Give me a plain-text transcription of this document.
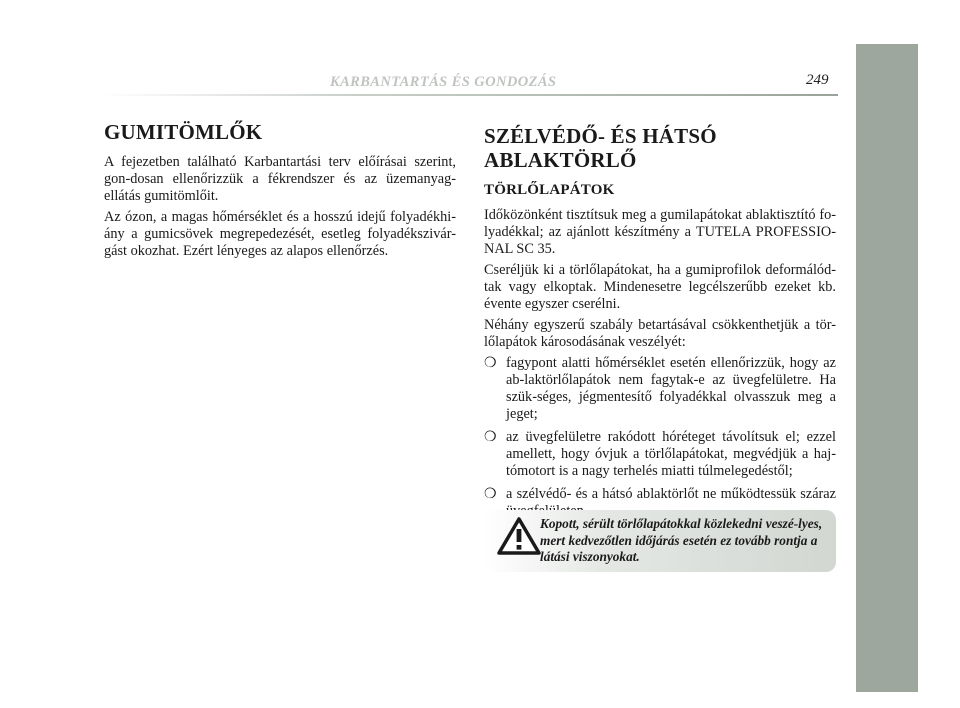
KARBANTARTÁS ÉS GONDOZÁS	249
GUMITÖMLŐK

A fejezetben található Karbantartási terv előírásai szerint, gon-dosan ellenőrizzük a fékrendszer és az üzemanyag-ellátás gumitömlőit.

Az ózon, a magas hőmérséklet és a hosszú idejű folyadékhi-ány a gumicsövek megrepedezését, esetleg folyadékszivár-gást okozhat. Ezért lényeges az alapos ellenőrzés.

SZÉLVÉDŐ- ÉS HÁTSÓ ABLAKTÖRLŐ
TÖRLŐLAPÁTOK

Időközönként tisztítsuk meg a gumilapátokat ablaktisztító fo-lyadékkal; az ajánlott készítmény a TUTELA PROFESSIO-NAL SC 35.

Cseréljük ki a törlőlapátokat, ha a gumiprofilok deformálód-tak vagy elkoptak. Mindenesetre legcélszerűbb ezeket kb. évente egyszer cserélni.

Néhány egyszerű szabály betartásával csökkenthetjük a tör-lőlapátok károsodásának veszélyét:

❍ fagypont alatti hőmérséklet esetén ellenőrizzük, hogy az ab-laktörlőlapátok nem fagytak-e az üvegfelületre. Ha szük-séges, jégmentesítő folyadékkal olvasszuk meg a jeget;
❍ az üvegfelületre rakódott hóréteget távolítsuk el; ezzel amellett, hogy óvjuk a törlőlapátokat, megvédjük a haj-tómotort is a nagy terhelés miatti túlmelegedéstől;
❍ a szélvédő- és a hátsó ablaktörlőt ne működtessük száraz
Kopott, sérült törlőlapátokkal közlekedni veszé-lyes, mert kedvezőtlen időjárás esetén ez tovább rontja a látási viszonyokat.
